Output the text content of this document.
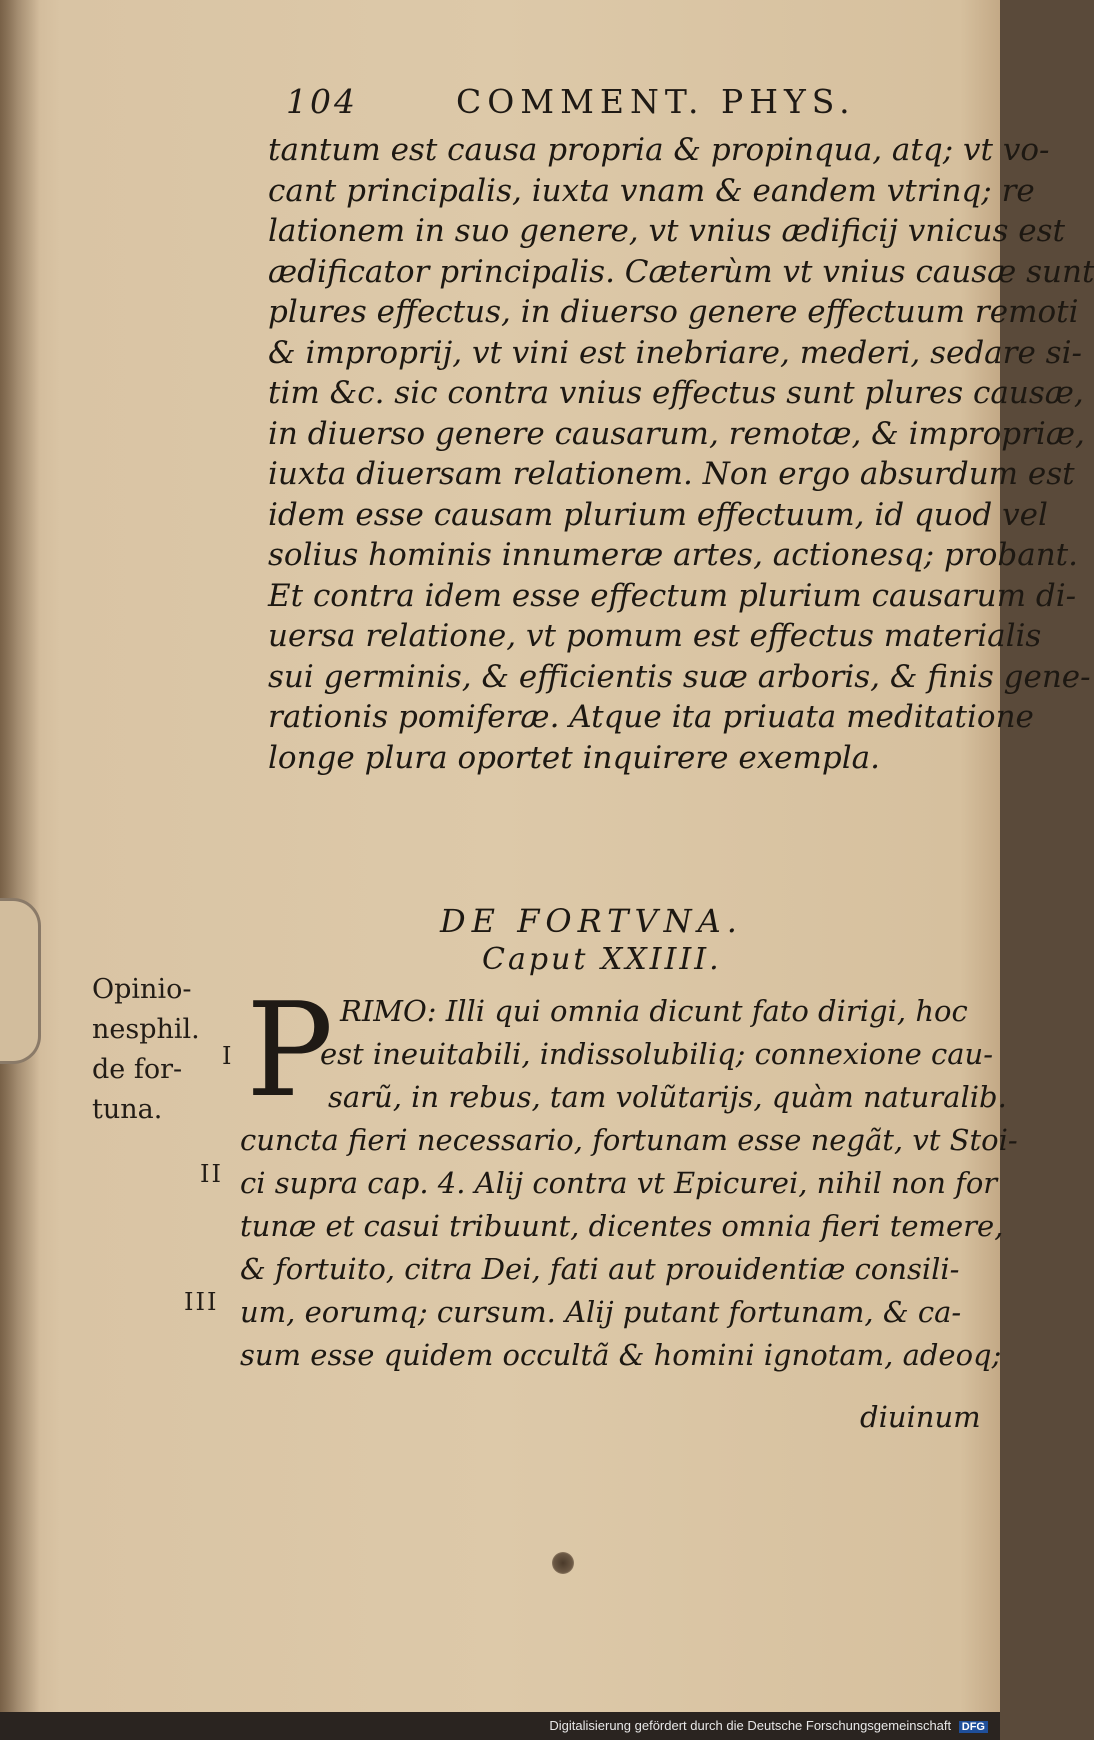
104	COMMENT. PHYS.
tantum est causa propria & propinqua, atq; vt vo-
cant principalis, iuxta vnam & eandem vtrinq; re
lationem in suo genere, vt vnius ædificij vnicus est
ædificator principalis. Cæterùm vt vnius causæ sunt
plures effectus, in diuerso genere effectuum remoti
& improprij, vt vini est inebriare, mederi, sedare si-
tim &c. sic contra vnius effectus sunt plures causæ,
in diuerso genere causarum, remotæ, & impropriæ,
iuxta diuersam relationem. Non ergo absurdum est
idem esse causam plurium effectuum, id quod vel
solius hominis innumeræ artes, actionesq; probant.
Et contra idem esse effectum plurium causarum di-
uersa relatione, vt pomum est effectus materialis
sui germinis, & efficientis suæ arboris, & finis gene-
rationis pomiferæ. Atque ita priuata meditatione
longe plura oportet inquirere exempla.
DE FORTVNA.
Caput XXIIII.
Opinio-
nesphil.
de for-
tuna.
I
II
III
P RIMO: Illi qui omnia dicunt fato dirigi, hoc
est ineuitabili, indissolubiliq; connexione cau-
sarũ, in rebus, tam volũtarijs, quàm naturalib.
cuncta fieri necessario, fortunam esse negãt, vt Stoi-
ci supra cap. 4. Alij contra vt Epicurei, nihil non for
tunæ et casui tribuunt, dicentes omnia fieri temere,
& fortuito, citra Dei, fati aut prouidentiæ consili-
um, eorumq; cursum. Alij putant fortunam, & ca-
sum esse quidem occultã & homini ignotam, adeoq;
diuinum
Digitalisierung gefördert durch die Deutsche Forschungsgemeinschaft DFG
